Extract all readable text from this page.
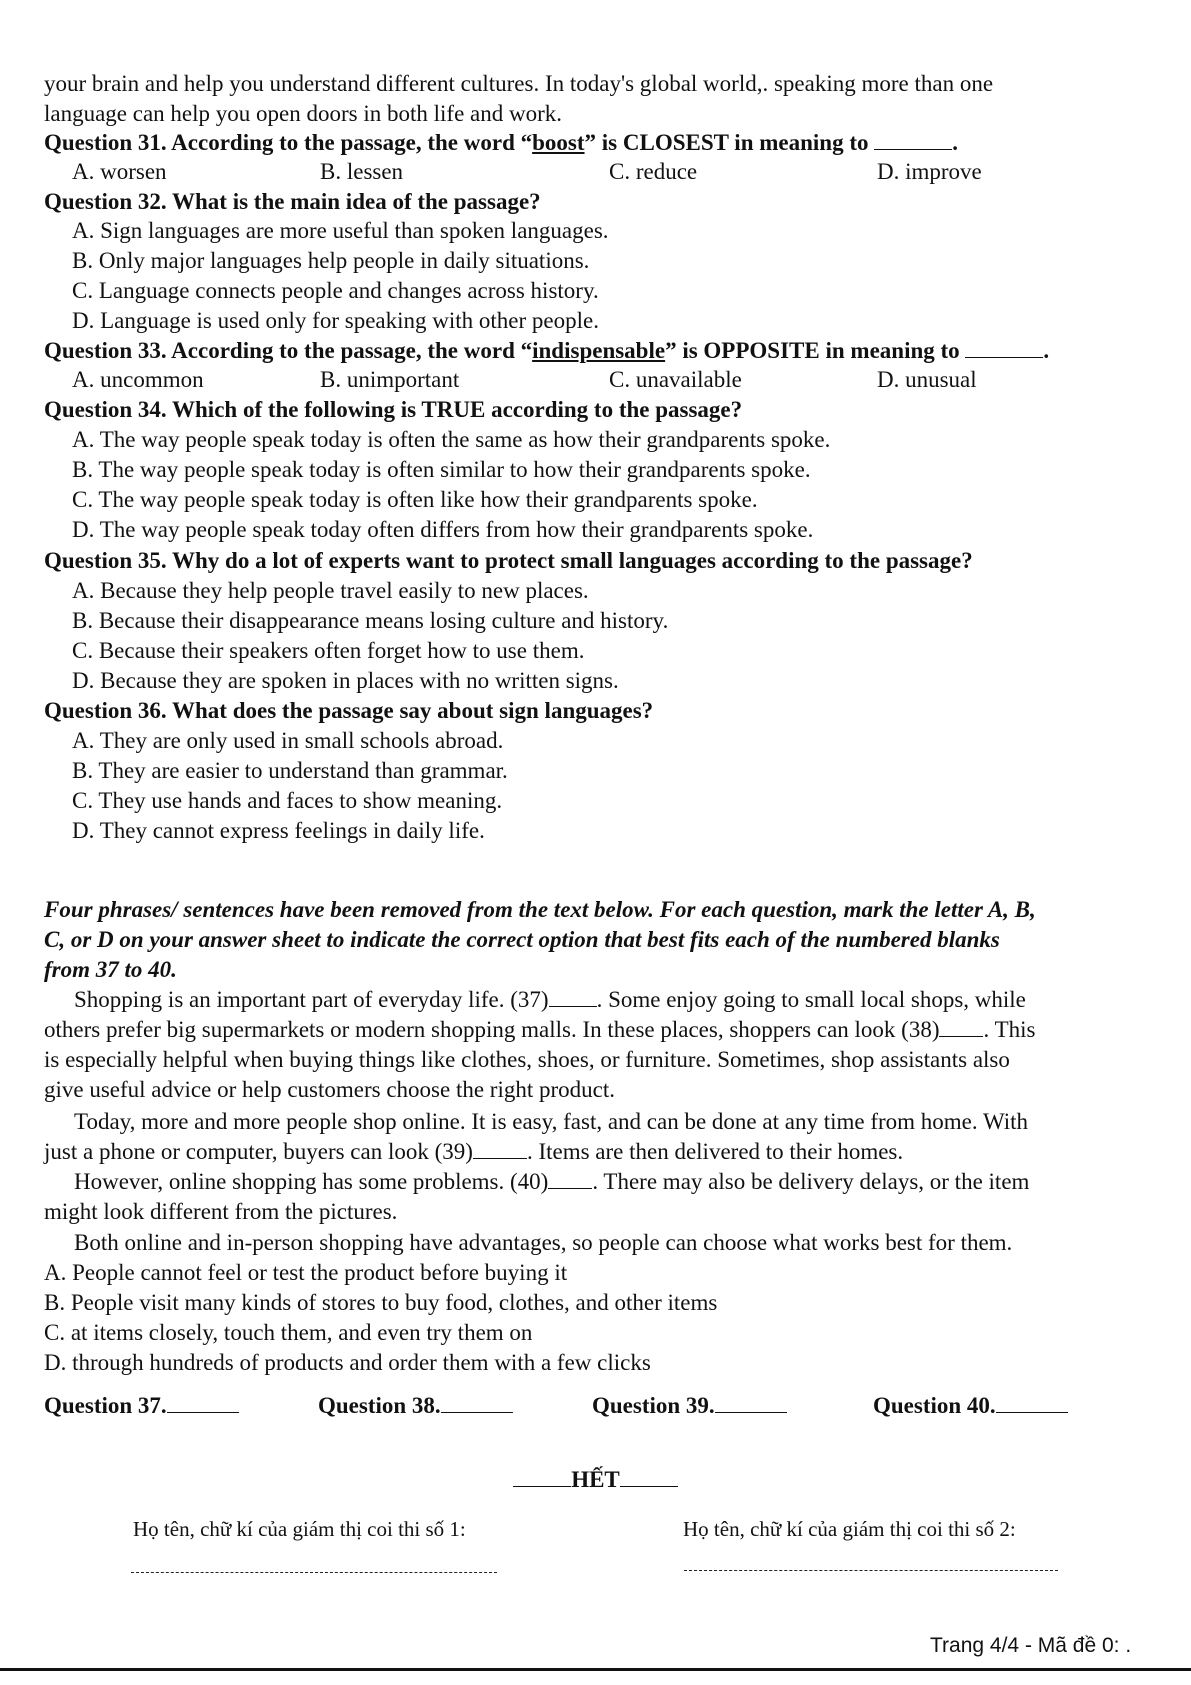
your brain and help you understand different cultures. In today's global world,. speaking more than one
language can help you open doors in both life and work.
Question 31. According to the passage, the word “boost” is CLOSEST in meaning to	.
A. worsen	B. lessen	C. reduce	D. improve
Question 32. What is the main idea of the passage?
A. Sign languages are more useful than spoken languages.
B. Only major languages help people in daily situations.
C. Language connects people and changes across history.
D. Language is used only for speaking with other people.
Question 33. According to the passage, the word “indispensable” is OPPOSITE in meaning to	.
A. uncommon	B. unimportant	C. unavailable	D. unusual
Question 34. Which of the following is TRUE according to the passage?
A. The way people speak today is often the same as how their grandparents spoke.
B. The way people speak today is often similar to how their grandparents spoke.
C. The way people speak today is often like how their grandparents spoke.
D. The way people speak today often differs from how their grandparents spoke.
Question 35. Why do a lot of experts want to protect small languages according to the passage?
A. Because they help people travel easily to new places.
B. Because their disappearance means losing culture and history.
C. Because their speakers often forget how to use them.
D. Because they are spoken in places with no written signs.
Question 36. What does the passage say about sign languages?
A. They are only used in small schools abroad.
B. They are easier to understand than grammar.
C. They use hands and faces to show meaning.
D. They cannot express feelings in daily life.
Four phrases/ sentences have been removed from the text below. For each question, mark the letter A, B,
C, or D on your answer sheet to indicate the correct option that best fits each of the numbered blanks
from 37 to 40.
Shopping is an important part of everyday life. (37) . Some enjoy going to small local shops, while
others prefer big supermarkets or modern shopping malls. In these places, shoppers can look (38) . This
is especially helpful when buying things like clothes, shoes, or furniture. Sometimes, shop assistants also
give useful advice or help customers choose the right product.
Today, more and more people shop online. It is easy, fast, and can be done at any time from home. With
just a phone or computer, buyers can look (39) . Items are then delivered to their homes.
However, online shopping has some problems. (40) . There may also be delivery delays, or the item
might look different from the pictures.
Both online and in-person shopping have advantages, so people can choose what works best for them.
A. People cannot feel or test the product before buying it
B. People visit many kinds of stores to buy food, clothes, and other items
C. at items closely, touch them, and even try them on
D. through hundreds of products and order them with a few clicks
Question 37.	Question 38.	Question 39.	Question 40.
HẾT
Họ tên, chữ kí của giám thị coi thi số 1:	Họ tên, chữ kí của giám thị coi thi số 2:
Trang 4/4 - Mã đề 0: .
